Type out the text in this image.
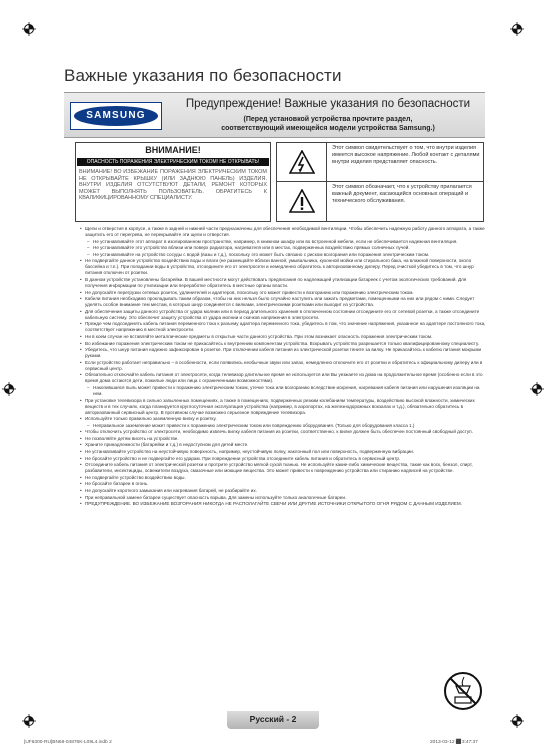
Важные указания по безопасности
SAMSUNG
Предупреждение! Важные указания по безопасности
(Перед установкой устройства прочтите раздел,
соответствующий имеющейся модели устройства Samsung.)
ВНИМАНИЕ!
ОПАСНОСТЬ ПОРАЖЕНИЯ ЭЛЕКТРИЧЕСКИМ ТОКОМ! НЕ ОТКРЫВАТЬ!
ВНИМАНИЕ! ВО ИЗБЕЖАНИЕ ПОРАЖЕНИЯ ЭЛЕКТРИЧЕСКИМ ТОКОМ НЕ ОТКРЫВАЙТЕ КРЫШКУ (ИЛИ ЗАДНЮЮ ПАНЕЛЬ) ИЗДЕЛИЯ. ВНУТРИ ИЗДЕЛИЯ ОТСУТСТВУЮТ ДЕТАЛИ, РЕМОНТ КОТОРЫХ МОЖЕТ ВЫПОЛНЯТЬ ПОЛЬЗОВАТЕЛЬ. ОБРАТИТЕСЬ К КВАЛИФИЦИРОВАННОМУ СПЕЦИАЛИСТУ.
Этот символ свидетельствует о том, что внутри изделия имеется высокое напряжение. Любой контакт с деталями внутри изделия представляет опасность.
Этот символ обозначает, что к устройству прилагается важный документ, касающийся основных операций и технического обслуживания.
• Щели и отверстия в корпусе, а также в задней и нижней части предназначены для обеспечения необходимой вентиляции. Чтобы обеспечить надежную работу данного аппарата, а также защитить его от перегрева, не перекрывайте эти щели и отверстия.
– Не устанавливайте этот аппарат в изолированном пространстве, например, в книжном шкафу или во встроенной мебели, если не обеспечивается надежная вентиляция.
– Не устанавливайте это устройство вблизи или поверх радиатора, нагревателя или в местах, подверженных воздействию прямых солнечных лучей.
– Не устанавливайте на устройство сосуды с водой (вазы и т.д.), поскольку это может быть связано с риском возгорания или поражения электрическим током.
• Не подвергайте данное устройство воздействию воды и влаги (не размещайте вблизи ванной, умывальника, кухонной мойки или стирального бака, на влажной поверхности, около бассейна и т.п.). При попадании воды в устройство, отсоедините его от электросети и немедленно обратитесь к авторизованному дилеру. Перед очисткой убедитесь в том, что шнур питания отключен от розетки.
• В данном устройстве установлены батарейки. В вашей местности могут действовать предписания по надлежащей утилизации батареек с учетом экологических требований. Для получения информации по утилизации или переработке обратитесь в местные органы власти.
• Не допускайте перегрузки сетевых розеток, удлинителей и адаптеров, поскольку это может привести к возгоранию или поражению электрическим током.
• Кабели питания необходимо прокладывать таким образом, чтобы на них нельзя было случайно наступить или зажать предметами, помещенными на них или рядом с ними. Следует уделять особое внимание тем местам, в которых шнур соединяется с вилками, электрическими розетками или выходит из устройства.
• Для обеспечения защиты данного устройства от удара молнии или в период длительного хранения в отключенном состоянии отсоедините его от сетевой розетки, а также отсоедините кабельную систему. Это обеспечит защиту устройства от удара молнии и скачков напряжения в электросети.
• Прежде чем подсоединять кабель питания переменного тока к разъему адаптера переменного тока, убедитесь в том, что значение напряжения, указанное на адаптере постоянного тока, соответствует напряжению в местной электросети.
• Ни в коем случае не вставляйте металлические предметы в открытые части данного устройства. При этом возникает опасность поражения электрическим током.
• Во избежание поражения электрическим током не прикасайтесь к внутренним компонентам устройства. Вскрывать устройство разрешается только квалифицированному специалисту.
• Убедитесь, что шнур питания надежно зафиксирован в розетке. При отключении кабеля питания из электрической розетки тяните за вилку. Не прикасайтесь к кабелю питания мокрыми руками.
• Если устройство работает неправильно – в особенности, если появились необычные звуки или запах, немедленно отключите его от розетки и обратитесь к официальному дилеру или в сервисный центр.
• Обязательно отключайте кабель питания от электросети, когда телевизор длительное время не используется или Вы уезжаете из дома на продолжительное время (особенно если в это время дома остаются дети, пожилые люди или лица с ограниченными возможностями).
– Накопившаяся пыль может привести к поражению электрическим током, утечке тока или возгоранию вследствие искрения, нагревания кабеля питания или нарушения изоляции на нем.
• При установке телевизора в сильно запыленных помещениях, а также в помещениях, подверженных резким колебаниям температуры, воздействию высокой влажности, химических веществ и в тех случаях, когда планируется круглосуточная эксплуатация устройства (например, в аэропортах, на железнодорожных вокзалах и т.д.), обязательно обратитесь в авторизованный сервисный центр. В противном случае возможно серьезное повреждение телевизора.
• Используйте только правильно заземленную вилку и розетку.
– Неправильное заземление может привести к поражению электрическим током или повреждению оборудования. (Только для оборудования класса 1.)
• Чтобы отключить устройство от электросети, необходимо извлечь вилку кабеля питания из розетки, соответственно, к вилке должен быть обеспечен постоянный свободный доступ.
• Не позволяйте детям висеть на устройстве.
• Храните принадлежности (батарейки и т.д.) в недоступном для детей месте.
• Не устанавливайте устройство на неустойчивую поверхность, например, неустойчивую полку, наклонный пол или поверхность, подверженную вибрации.
• Не бросайте устройство и не подвергайте его ударам. При повреждении устройства отсоедините кабель питания и обратитесь в сервисный центр.
• Отсоедините кабель питания от электрической розетки и протрите устройство мягкой сухой тканью. Не используйте какие-либо химические вещества, такие как воск, бензол, спирт, разбавители, инсектициды, освежители воздуха, смазочные или моющие вещества. Это может привести к повреждению устройства или стиранию надписей на устройстве.
• Не подвергайте устройство воздействию воды.
• Не бросайте батареи в огонь.
• Не допускайте короткого замыкания или нагревания батарей, не разбирайте их.
• При неправильной замене батареи существует опасность взрыва. Для замены используйте только аналогичные батареи.
• ПРЕДУПРЕЖДЕНИЕ. ВО ИЗБЕЖАНИЕ ВОЗГОРАНИЯ НИКОГДА НЕ РАСПОЛАГАЙТЕ СВЕЧИ ИЛИ ДРУГИЕ ИСТОЧНИКИ ОТКРЫТОГО ОГНЯ РЯДОМ С ДАННЫМ ИЗДЕЛИЕМ.
Русский - 2
[UF6300-RU]BN68-04876K-L09L4.indb 2	2013-03-12 ⬛3:47:37
